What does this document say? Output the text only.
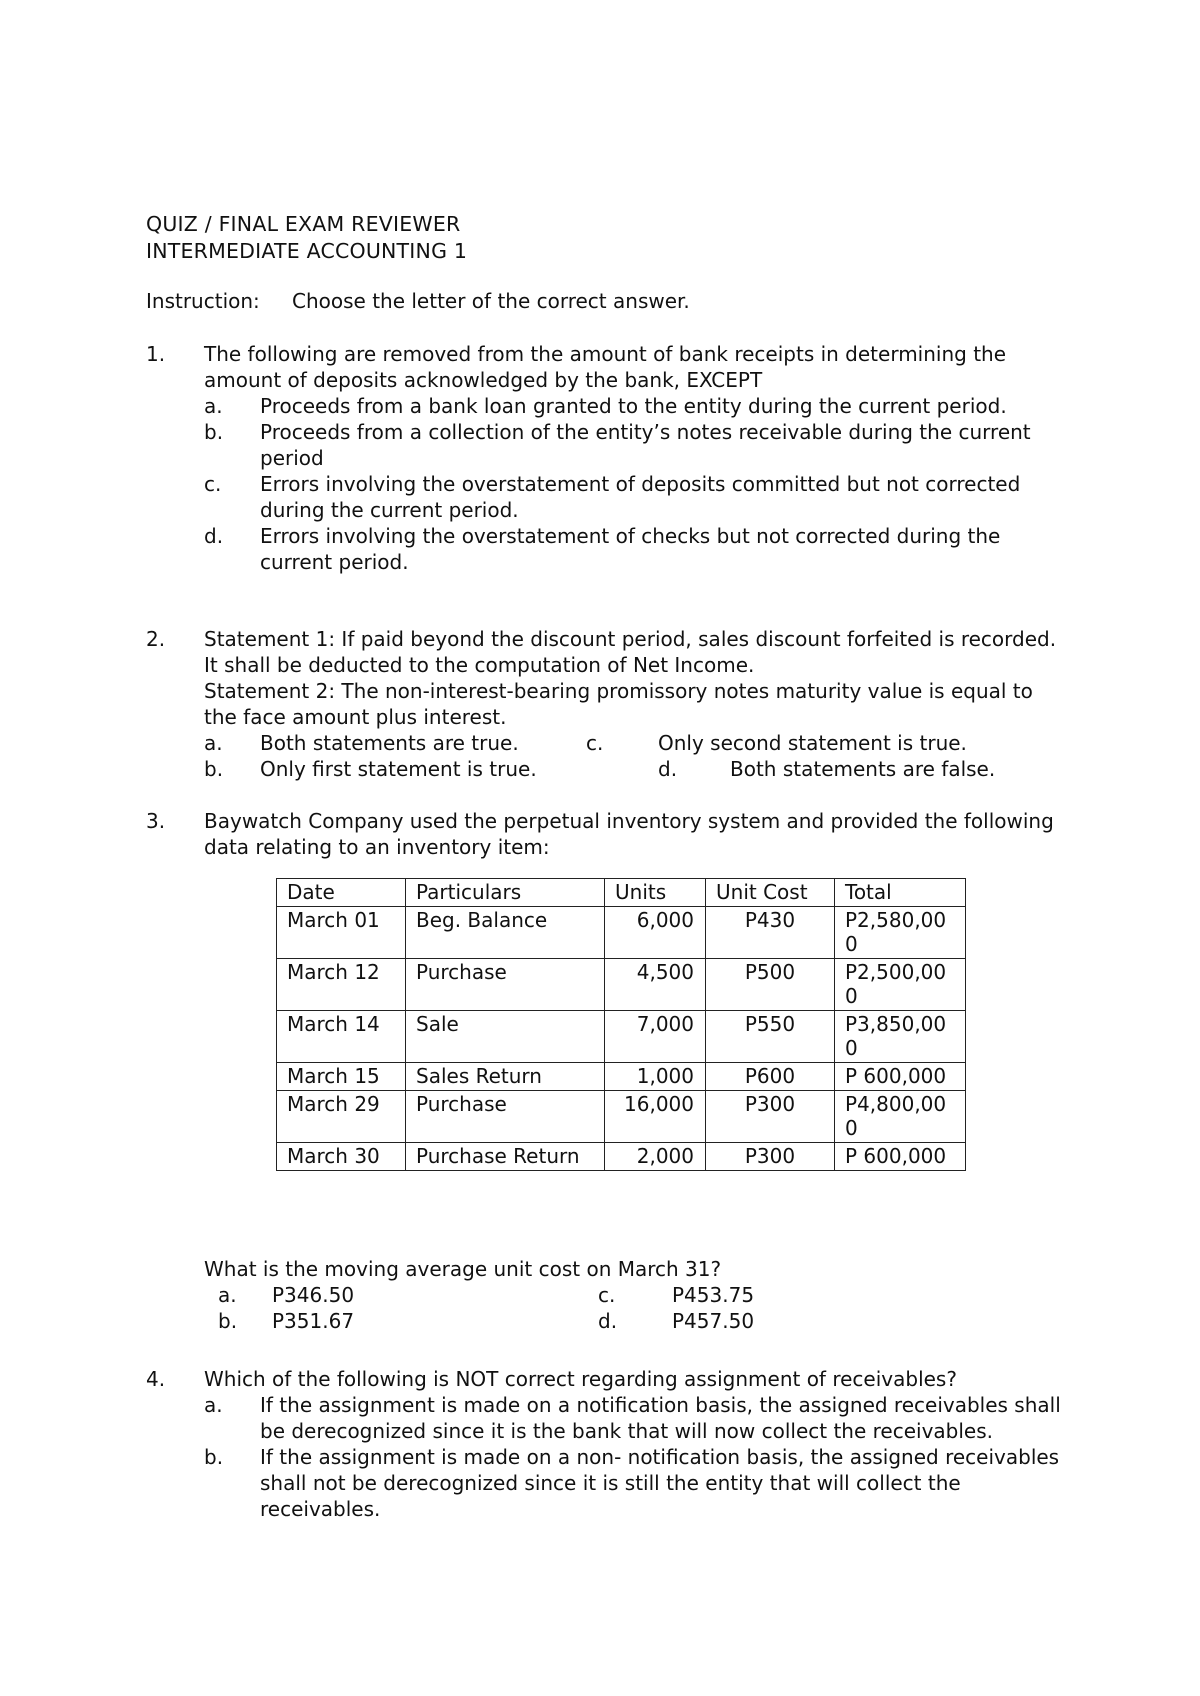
QUIZ / FINAL EXAM REVIEWER

INTERMEDIATE ACCOUNTING 1

Instruction: Choose the letter of the correct answer.
1. The following are removed from the amount of bank receipts in determining the amount of deposits acknowledged by the bank, EXCEPT

a. Proceeds from a bank loan granted to the entity during the current period.
b. Proceeds from a collection of the entity’s notes receivable during the current period
c. Errors involving the overstatement of deposits committed but not corrected during the current period.
d. Errors involving the overstatement of checks but not corrected during the current period.
2. Statement 1: If paid beyond the discount period, sales discount forfeited is recorded. It shall be deducted to the computation of Net Income.

Statement 2: The non-interest-bearing promissory notes maturity value is equal to the face amount plus interest.

a. Both statements are true.	c.	Only second statement is true.
b. Only first statement is true.	d.	Both statements are false.
3. Baywatch Company used the perpetual inventory system and provided the following data relating to an inventory item:

Date	Particulars	Units	Unit Cost	Total
March 01	Beg. Balance	6,000	P430	P2,580,000
March 12	Purchase	4,500	P500	P2,500,000
March 14	Sale	7,000	P550	P3,850,000
March 15	Sales Return	1,000	P600	P 600,000
March 29	Purchase	16,000	P300	P4,800,000
March 30	Purchase Return	2,000	P300	P 600,000

What is the moving average unit cost on March 31?

a. P346.50	c.	P453.75
b. P351.67	d.	P457.50
4. Which of the following is NOT correct regarding assignment of receivables?

a. If the assignment is made on a notification basis, the assigned receivables shall be derecognized since it is the bank that will now collect the receivables.
b. If the assignment is made on a non- notification basis, the assigned receivables shall not be derecognized since it is still the entity that will collect the receivables.
